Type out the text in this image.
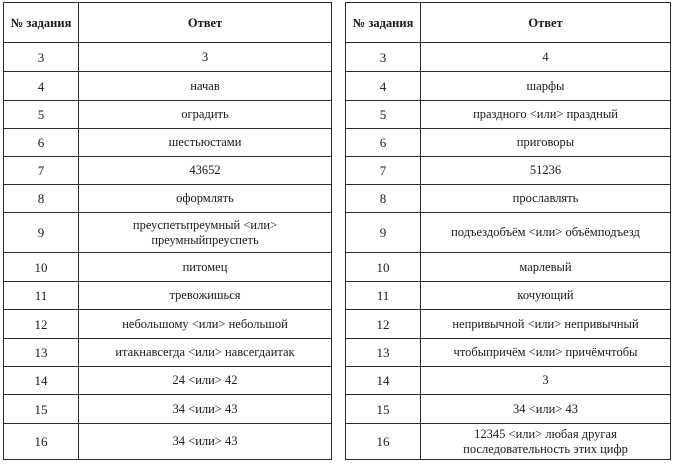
№ задания	Ответ
3	3
4	начав
5	оградить
6	шестьюстами
7	43652
8	оформлять
9	преуспетьпреумный <или> преумныйпреуспеть
10	питомец
11	тревожишься
12	небольшому <или> небольшой
13	итакнавсегда <или> навсегдаитак
14	24 <или> 42
15	34 <или> 43
16	34 <или> 43
№ задания	Ответ
3	4
4	шарфы
5	праздного <или> праздный
6	приговоры
7	51236
8	прославлять
9	подъездобъём <или> объёмподъезд
10	марлевый
11	кочующий
12	непривычной <или> непривычный
13	чтобыпричём <или> причёмчтобы
14	3
15	34 <или> 43
16	12345 <или> любая другая последовательность этих цифр
